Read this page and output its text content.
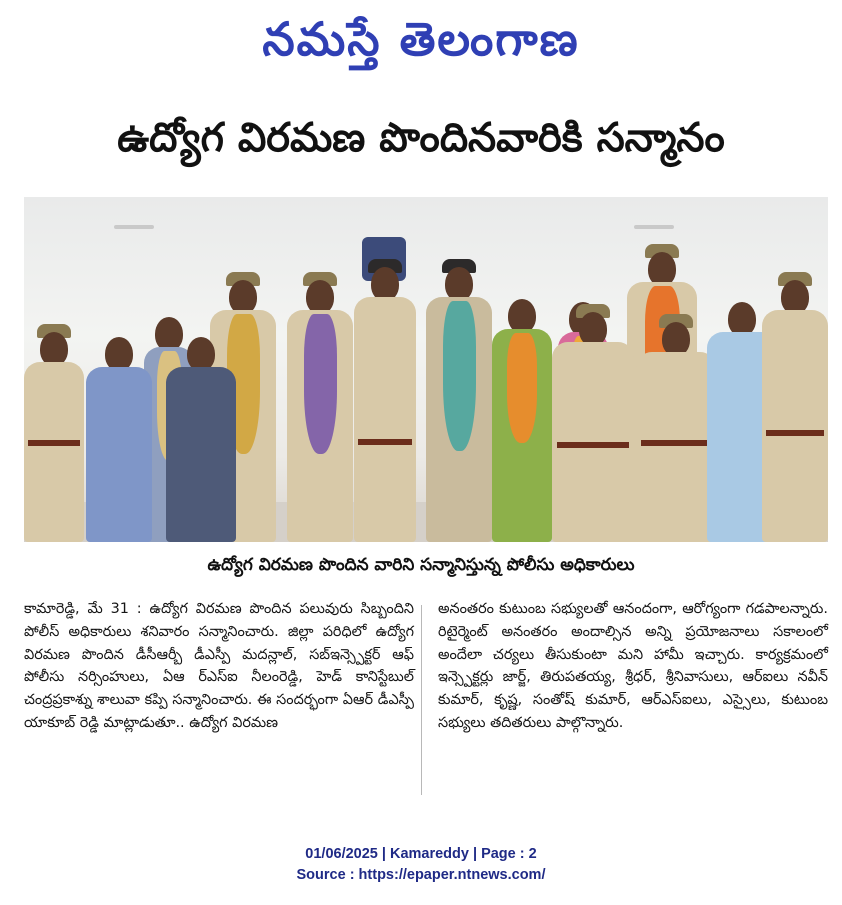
నమస్తే తెలంగాణ
ఉద్యోగ విరమణ పొందినవారికి సన్మానం
ఉద్యోగ విరమణ పొందిన వారిని సన్మానిస్తున్న పోలీసు అధికారులు
కామారెడ్డి, మే 31 : ఉద్యోగ విరమణ పొందిన పలువురు సిబ్బందిని పోలీస్ అధికారులు శనివారం సన్మానించారు. జిల్లా పరిధిలో ఉద్యోగ విరమణ పొందిన డీసీఆర్బీ డీఎస్పీ మదన్లాల్, సబ్ఇన్స్పెక్టర్ ఆఫ్ పోలీసు నర్సింహులు, ఏఆ ర్ఎస్ఐ నీలంరెడ్డి, హెడ్ కానిస్టేబుల్ చంద్రప్రకాశ్ను శాలువా కప్పి సన్మానించారు. ఈ సందర్భంగా ఏఆర్ డీఎస్పీ యాకూబ్ రెడ్డి మాట్లాడుతూ.. ఉద్యోగ విరమణ
అనంతరం కుటుంబ సభ్యులతో ఆనందంగా, ఆరోగ్యంగా గడపాలన్నారు. రిటైర్మెంట్ అనంతరం అందాల్సిన అన్ని ప్రయోజనాలు సకాలంలో అందేలా చర్యలు తీసుకుంటా మని హామీ ఇచ్చారు. కార్యక్రమంలో ఇన్స్పెక్టర్లు జార్జ్, తిరుపతయ్య, శ్రీధర్, శ్రీనివాసులు, ఆర్ఐలు నవీన్ కుమార్, కృష్ణ, సంతోష్ కుమార్, ఆర్ఎస్ఐలు, ఎస్సైలు, కుటుంబ సభ్యులు తదితరులు పాల్గొన్నారు.
01/06/2025 | Kamareddy | Page : 2
Source : https://epaper.ntnews.com/
